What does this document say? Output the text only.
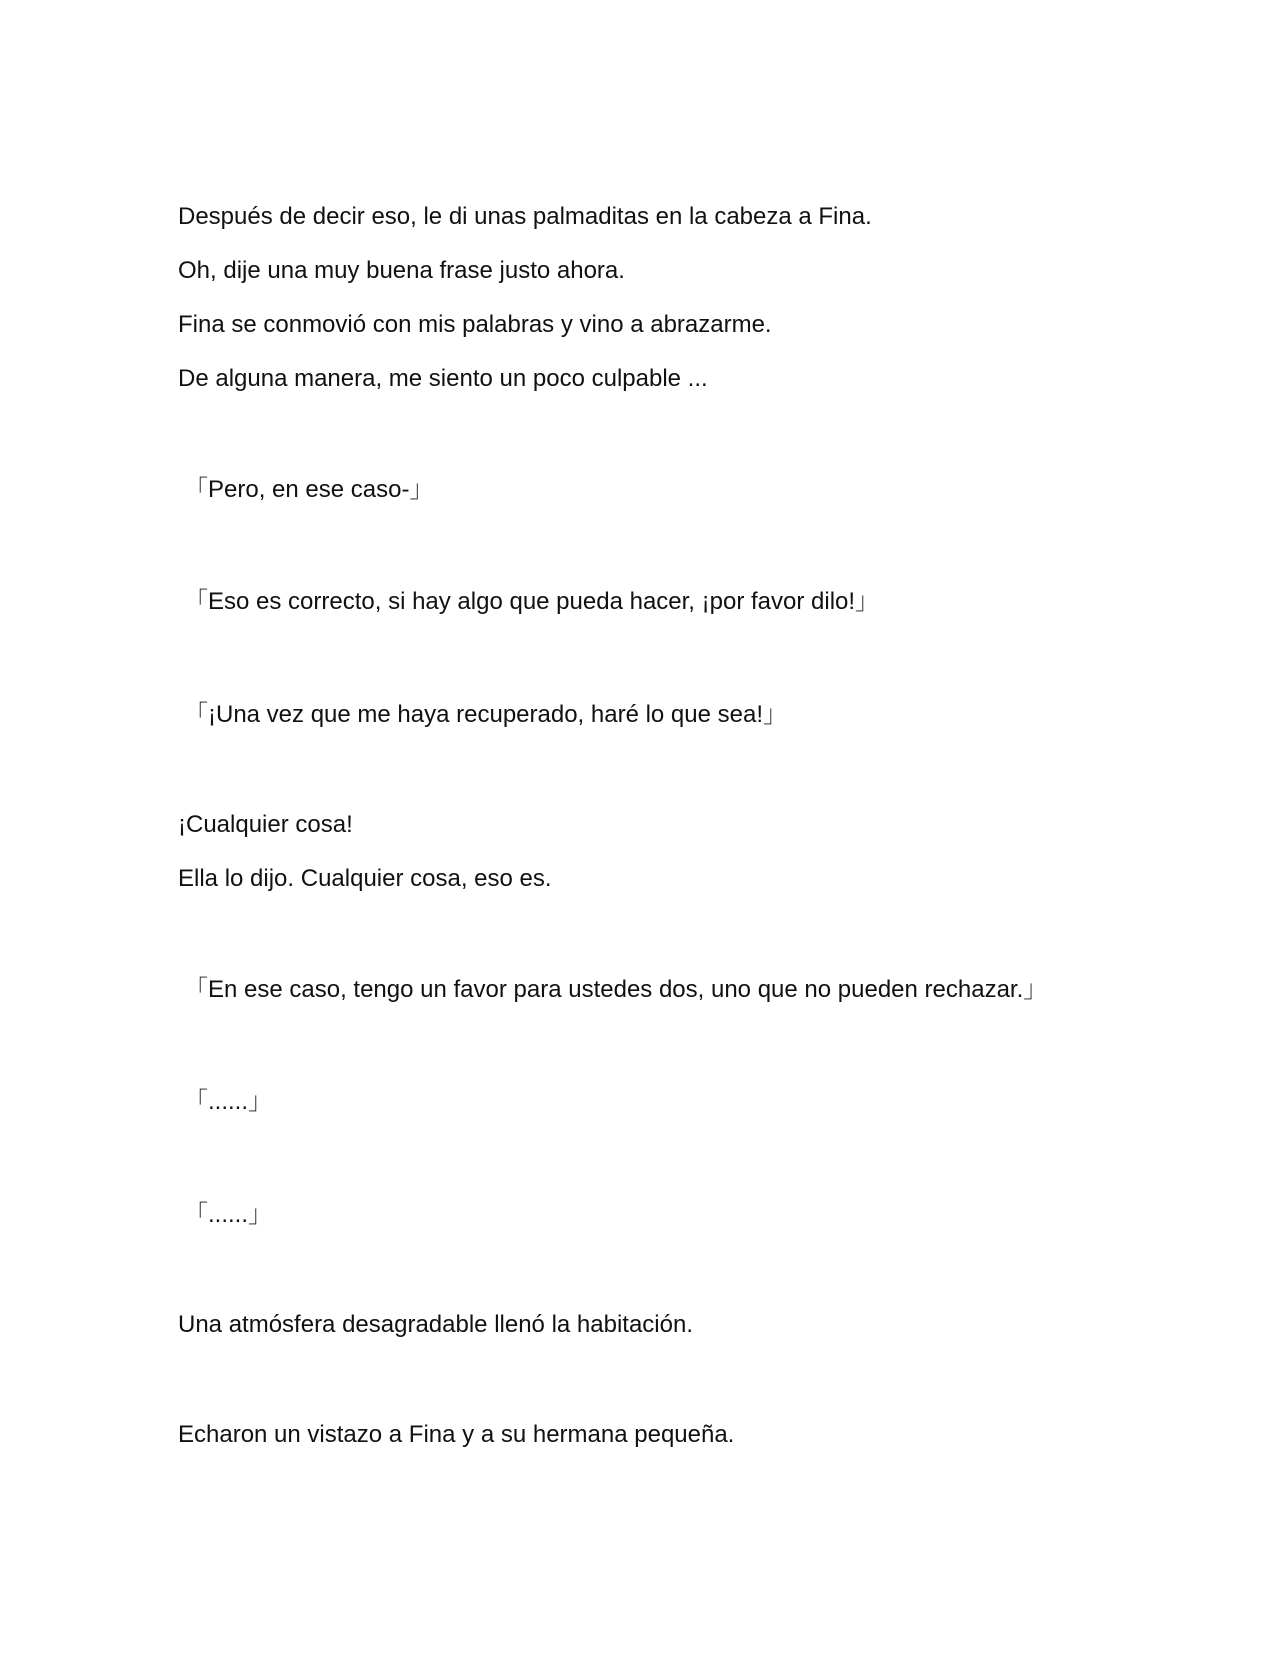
Después de decir eso, le di unas palmaditas en la cabeza a Fina.
Oh, dije una muy buena frase justo ahora.
Fina se conmovió con mis palabras y vino a abrazarme.
De alguna manera, me siento un poco culpable ...
「Pero, en ese caso-」
「Eso es correcto, si hay algo que pueda hacer, ¡por favor dilo!」
「¡Una vez que me haya recuperado, haré lo que sea!」
¡Cualquier cosa!
Ella lo dijo. Cualquier cosa, eso es.
「En ese caso, tengo un favor para ustedes dos, uno que no pueden rechazar.」
「......」
「......」
Una atmósfera desagradable llenó la habitación.
Echaron un vistazo a Fina y a su hermana pequeña.
